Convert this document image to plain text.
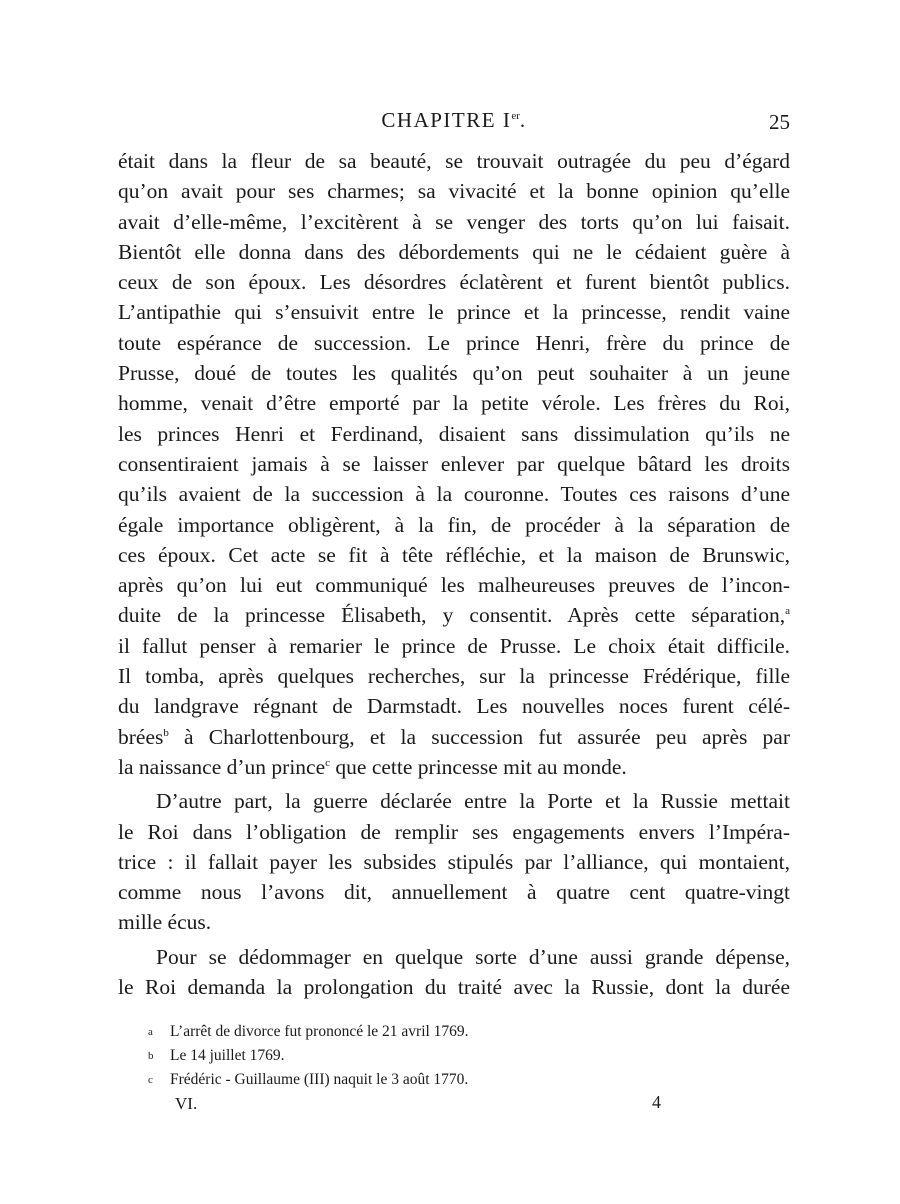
CHAPITRE Ier.	25
était dans la fleur de sa beauté, se trouvait outragée du peu d’égard
qu’on avait pour ses charmes; sa vivacité et la bonne opinion qu’elle
avait d’elle-même, l’excitèrent à se venger des torts qu’on lui faisait.
Bientôt elle donna dans des débordements qui ne le cédaient guère à
ceux de son époux. Les désordres éclatèrent et furent bientôt publics.
L’antipathie qui s’ensuivit entre le prince et la princesse, rendit vaine
toute espérance de succession. Le prince Henri, frère du prince de
Prusse, doué de toutes les qualités qu’on peut souhaiter à un jeune
homme, venait d’être emporté par la petite vérole. Les frères du Roi,
les princes Henri et Ferdinand, disaient sans dissimulation qu’ils ne
consentiraient jamais à se laisser enlever par quelque bâtard les droits
qu’ils avaient de la succession à la couronne. Toutes ces raisons d’une
égale importance obligèrent, à la fin, de procéder à la séparation de
ces époux. Cet acte se fit à tête réfléchie, et la maison de Brunswic,
après qu’on lui eut communiqué les malheureuses preuves de l’incon-
duite de la princesse Élisabeth, y consentit. Après cette séparation,$^a$
il fallut penser à remarier le prince de Prusse. Le choix était difficile.
Il tomba, après quelques recherches, sur la princesse Frédérique, fille
du landgrave régnant de Darmstadt. Les nouvelles noces furent célé-
brées$^b$ à Charlottenbourg, et la succession fut assurée peu après par
la naissance d’un prince$^c$ que cette princesse mit au monde.
D’autre part, la guerre déclarée entre la Porte et la Russie mettait
le Roi dans l’obligation de remplir ses engagements envers l’Impéra-
trice : il fallait payer les subsides stipulés par l’alliance, qui montaient,
comme nous l’avons dit, annuellement à quatre cent quatre-vingt
mille écus.
Pour se dédommager en quelque sorte d’une aussi grande dépense,
le Roi demanda la prolongation du traité avec la Russie, dont la durée
a L’arrêt de divorce fut prononcé le 21 avril 1769.
b Le 14 juillet 1769.
c Frédéric - Guillaume (III) naquit le 3 août 1770.
VI.	4
